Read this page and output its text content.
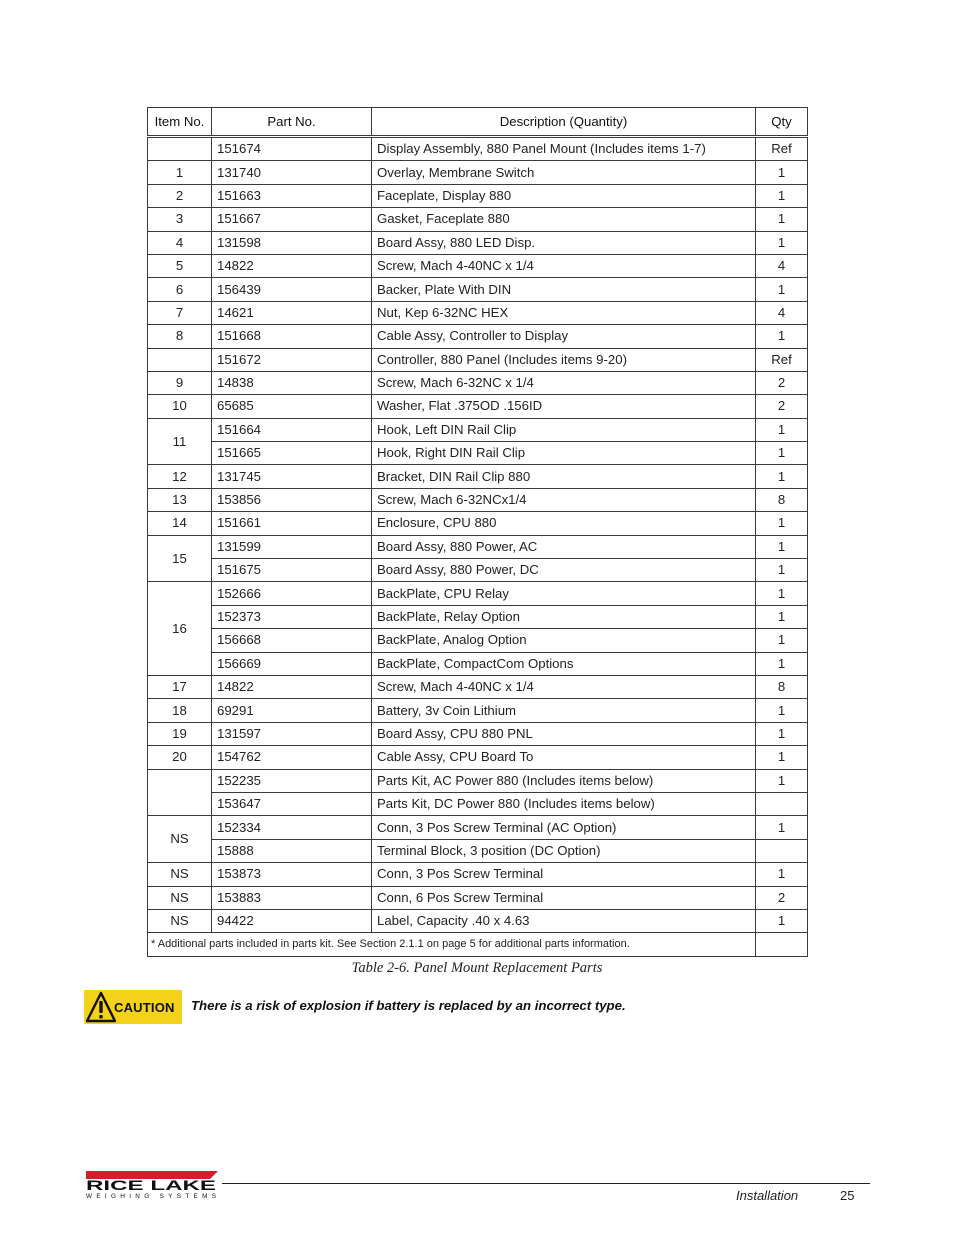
Item No.	Part No.	Description (Quantity)	Qty
	151674	Display Assembly, 880 Panel Mount (Includes items 1-7)	Ref
1	131740	Overlay, Membrane Switch	1
2	151663	Faceplate, Display 880	1
3	151667	Gasket, Faceplate 880	1
4	131598	Board Assy, 880 LED Disp.	1
5	14822	Screw, Mach 4-40NC x 1/4	4
6	156439	Backer, Plate With DIN	1
7	14621	Nut, Kep 6-32NC HEX	4
8	151668	Cable Assy, Controller to Display	1
	151672	Controller, 880 Panel (Includes items 9-20)	Ref
9	14838	Screw, Mach 6-32NC x 1/4	2
10	65685	Washer, Flat .375OD .156ID	2
11	151664	Hook, Left DIN Rail Clip	1
	151665	Hook, Right DIN Rail Clip	1
12	131745	Bracket, DIN Rail Clip 880	1
13	153856	Screw, Mach 6-32NCx1/4	8
14	151661	Enclosure, CPU 880	1
15	131599	Board Assy, 880 Power, AC	1
	151675	Board Assy, 880 Power, DC	1
16	152666	BackPlate, CPU Relay	1
	152373	BackPlate, Relay Option	1
	156668	BackPlate, Analog Option	1
	156669	BackPlate, CompactCom Options	1
17	14822	Screw, Mach 4-40NC x 1/4	8
18	69291	Battery, 3v Coin Lithium	1
19	131597	Board Assy, CPU 880 PNL	1
20	154762	Cable Assy, CPU Board To	1
	152235	Parts Kit, AC Power 880 (Includes items below)	1
	153647	Parts Kit, DC Power 880 (Includes items below)	
NS	152334	Conn, 3 Pos Screw Terminal (AC Option)	1
	15888	Terminal Block, 3 position (DC Option)	
NS	153873	Conn, 3 Pos Screw Terminal	1
NS	153883	Conn, 6 Pos Screw Terminal	2
NS	94422	Label, Capacity .40 x 4.63	1
* Additional parts included in parts kit. See Section 2.1.1 on page 5 for additional parts information.			
Table 2-6. Panel Mount Replacement Parts
CAUTION There is a risk of explosion if battery is replaced by an incorrect type.
RICE LAKE
WEIGHING SYSTEMS	Installation	25
